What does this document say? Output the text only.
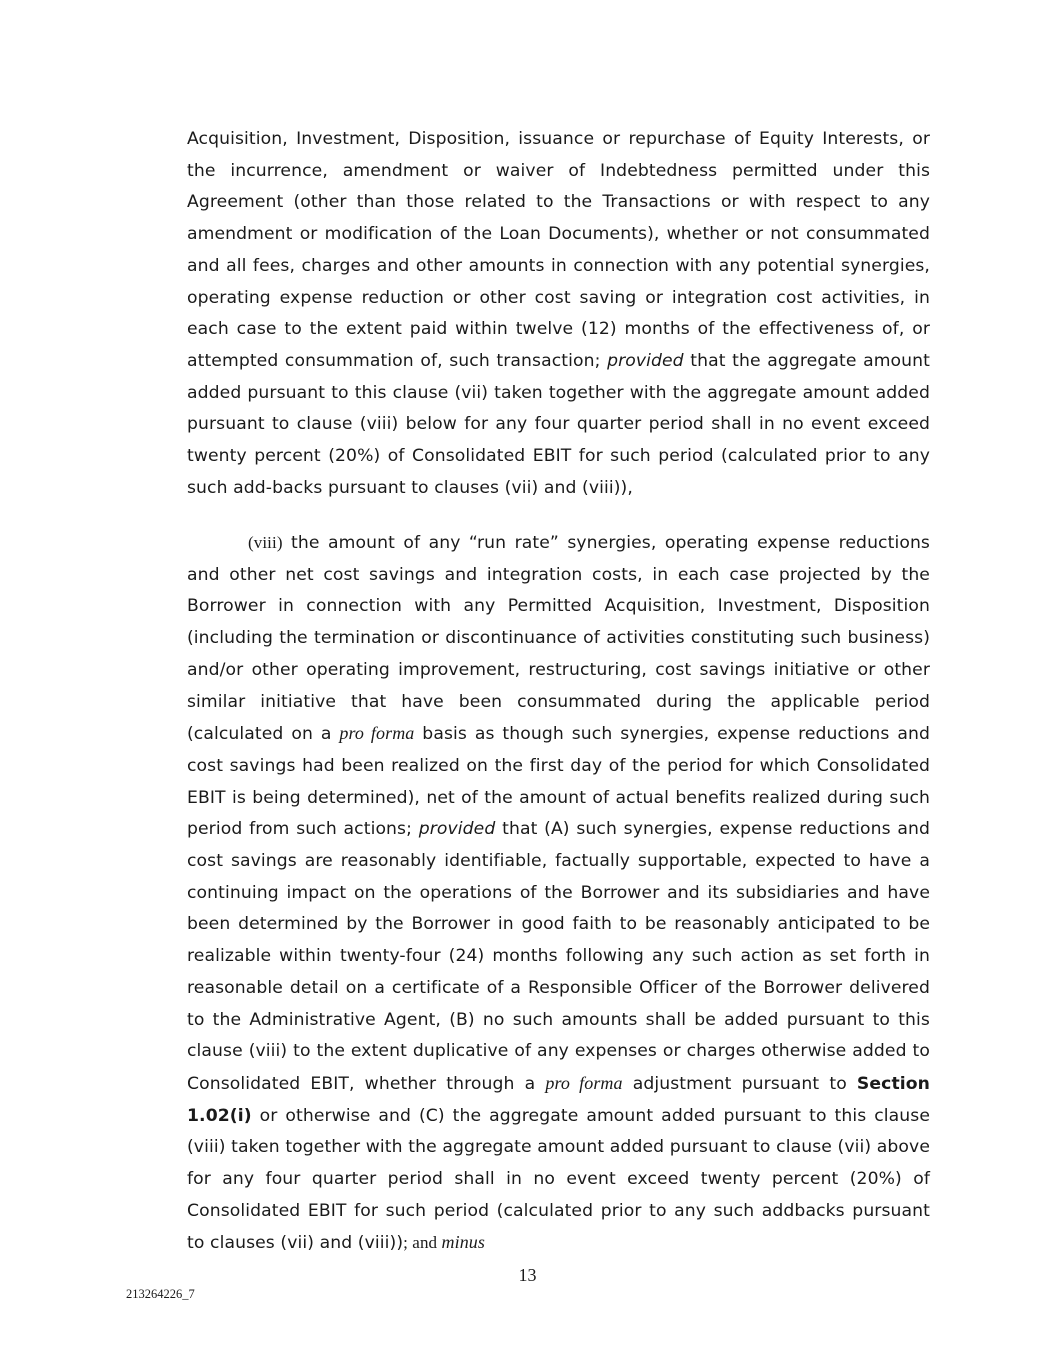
Acquisition, Investment, Disposition, issuance or repurchase of Equity Interests, or the incurrence, amendment or waiver of Indebtedness permitted under this Agreement (other than those related to the Transactions or with respect to any amendment or modification of the Loan Documents), whether or not consummated and all fees, charges and other amounts in connection with any potential synergies, operating expense reduction or other cost saving or integration cost activities, in each case to the extent paid within twelve (12) months of the effectiveness of, or attempted consummation of, such transaction; provided that the aggregate amount added pursuant to this clause (vii) taken together with the aggregate amount added pursuant to clause (viii) below for any four quarter period shall in no event exceed twenty percent (20%) of Consolidated EBIT for such period (calculated prior to any such add-backs pursuant to clauses (vii) and (viii)),

(viii) the amount of any “run rate” synergies, operating expense reductions and other net cost savings and integration costs, in each case projected by the Borrower in connection with any Permitted Acquisition, Investment, Disposition (including the termination or discontinuance of activities constituting such business) and/or other operating improvement, restructuring, cost savings initiative or other similar initiative that have been consummated during the applicable period (calculated on a pro forma basis as though such synergies, expense reductions and cost savings had been realized on the first day of the period for which Consolidated EBIT is being determined), net of the amount of actual benefits realized during such period from such actions; provided that (A) such synergies, expense reductions and cost savings are reasonably identifiable, factually supportable, expected to have a continuing impact on the operations of the Borrower and its subsidiaries and have been determined by the Borrower in good faith to be reasonably anticipated to be realizable within twenty-four (24) months following any such action as set forth in reasonable detail on a certificate of a Responsible Officer of the Borrower delivered to the Administrative Agent, (B) no such amounts shall be added pursuant to this clause (viii) to the extent duplicative of any expenses or charges otherwise added to Consolidated EBIT, whether through a pro forma adjustment pursuant to Section 1.02(i) or otherwise and (C) the aggregate amount added pursuant to this clause (viii) taken together with the aggregate amount added pursuant to clause (vii) above for any four quarter period shall in no event exceed twenty percent (20%) of Consolidated EBIT for such period (calculated prior to any such addbacks pursuant to clauses (vii) and (viii)); and minus

13
213264226_7
